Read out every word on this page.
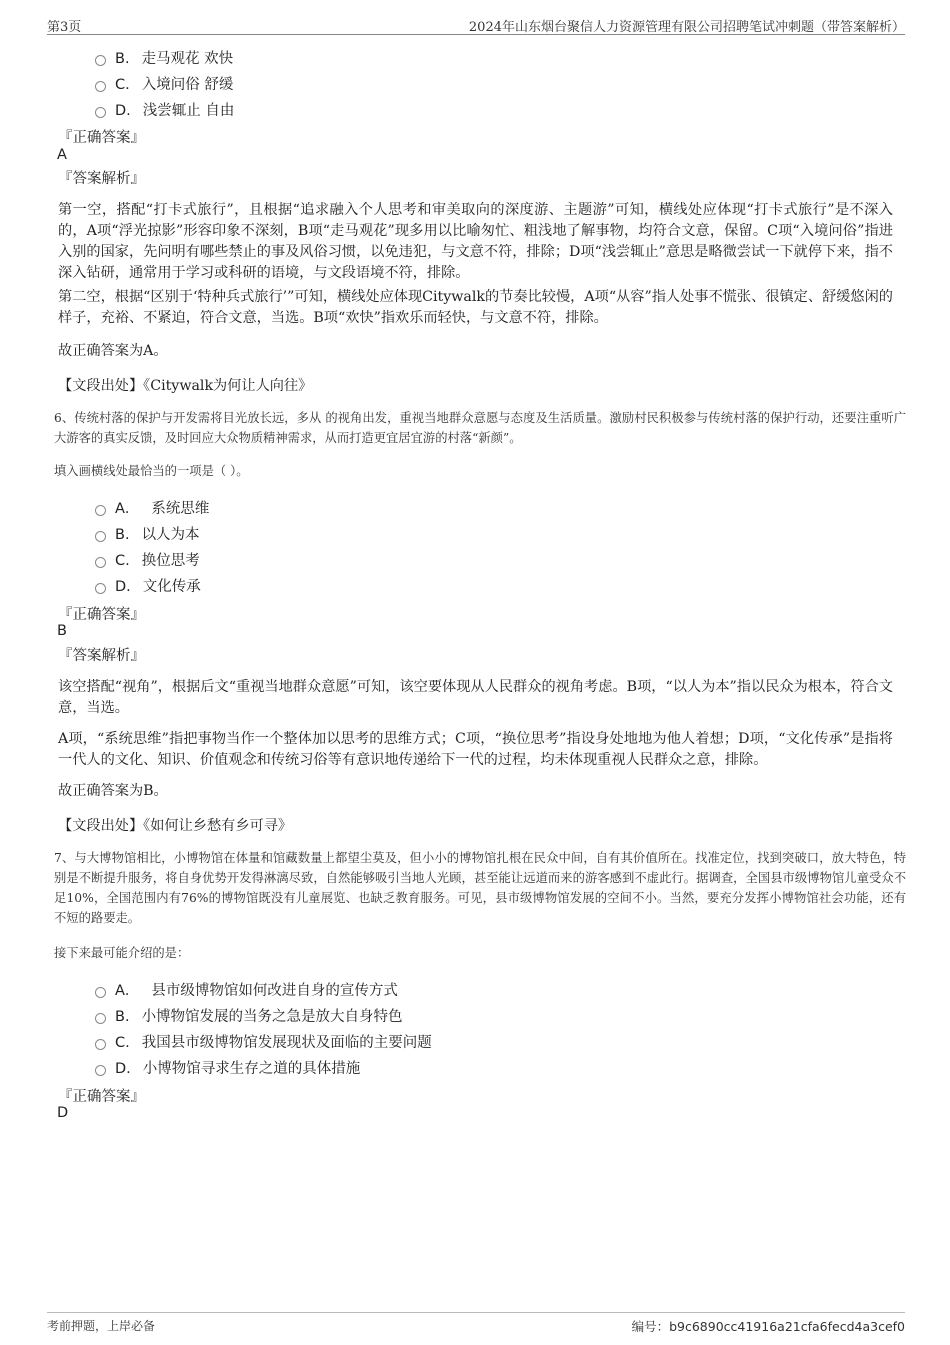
第3页	2024年山东烟台聚信人力资源管理有限公司招聘笔试冲刺题（带答案解析）
B. 走马观花 欢快
C. 入境问俗 舒缓
D. 浅尝辄止 自由
『正确答案』
A
『答案解析』
第一空，搭配“打卡式旅行”，且根据“追求融入个人思考和审美取向的深度游、主题游”可知，横线处应体现“打卡式旅行”是不深入的，A项“浮光掠影”形容印象不深刻，B项“走马观花”现多用以比喻匆忙、粗浅地了解事物，均符合文意，保留。C项“入境问俗”指进入别的国家，先问明有哪些禁止的事及风俗习惯，以免违犯，与文意不符，排除；D项“浅尝辄止”意思是略微尝试一下就停下来，指不深入钻研，通常用于学习或科研的语境，与文段语境不符，排除。
第二空，根据“区别于‘特种兵式旅行’”可知，横线处应体现Citywalk的节奏比较慢，A项“从容”指人处事不慌张、很镇定、舒缓悠闲的样子，充裕、不紧迫，符合文意，当选。B项“欢快”指欢乐而轻快，与文意不符，排除。
故正确答案为A。
【文段出处】《Citywalk为何让人向往》
6、传统村落的保护与开发需将目光放长远，多从 的视角出发，重视当地群众意愿与态度及生活质量。激励村民积极参与传统村落的保护行动，还要注重听广大游客的真实反馈，及时回应大众物质精神需求，从而打造更宜居宜游的村落“新颜”。
填入画横线处最恰当的一项是（ ）。
A． 系统思维
B. 以人为本
C. 换位思考
D. 文化传承
『正确答案』
B
『答案解析』
该空搭配“视角”，根据后文“重视当地群众意愿”可知，该空要体现从人民群众的视角考虑。B项，“以人为本”指以民众为根本，符合文意，当选。
A项，“系统思维”指把事物当作一个整体加以思考的思维方式；C项，“换位思考”指设身处地地为他人着想；D项，“文化传承”是指将一代人的文化、知识、价值观念和传统习俗等有意识地传递给下一代的过程，均未体现重视人民群众之意，排除。
故正确答案为B。
【文段出处】《如何让乡愁有乡可寻》
7、与大博物馆相比，小博物馆在体量和馆藏数量上都望尘莫及，但小小的博物馆扎根在民众中间，自有其价值所在。找准定位，找到突破口，放大特色，特别是不断提升服务，将自身优势开发得淋漓尽致，自然能够吸引当地人光顾，甚至能让远道而来的游客感到不虚此行。据调查，全国县市级博物馆儿童受众不足10%，全国范围内有76%的博物馆既没有儿童展览、也缺乏教育服务。可见，县市级博物馆发展的空间不小。当然，要充分发挥小博物馆社会功能，还有不短的路要走。
接下来最可能介绍的是：
A． 县市级博物馆如何改进自身的宣传方式
B. 小博物馆发展的当务之急是放大自身特色
C. 我国县市级博物馆发展现状及面临的主要问题
D. 小博物馆寻求生存之道的具体措施
『正确答案』
D
考前押题，上岸必备	编号：b9c6890cc41916a21cfa6fecd4a3cef0
